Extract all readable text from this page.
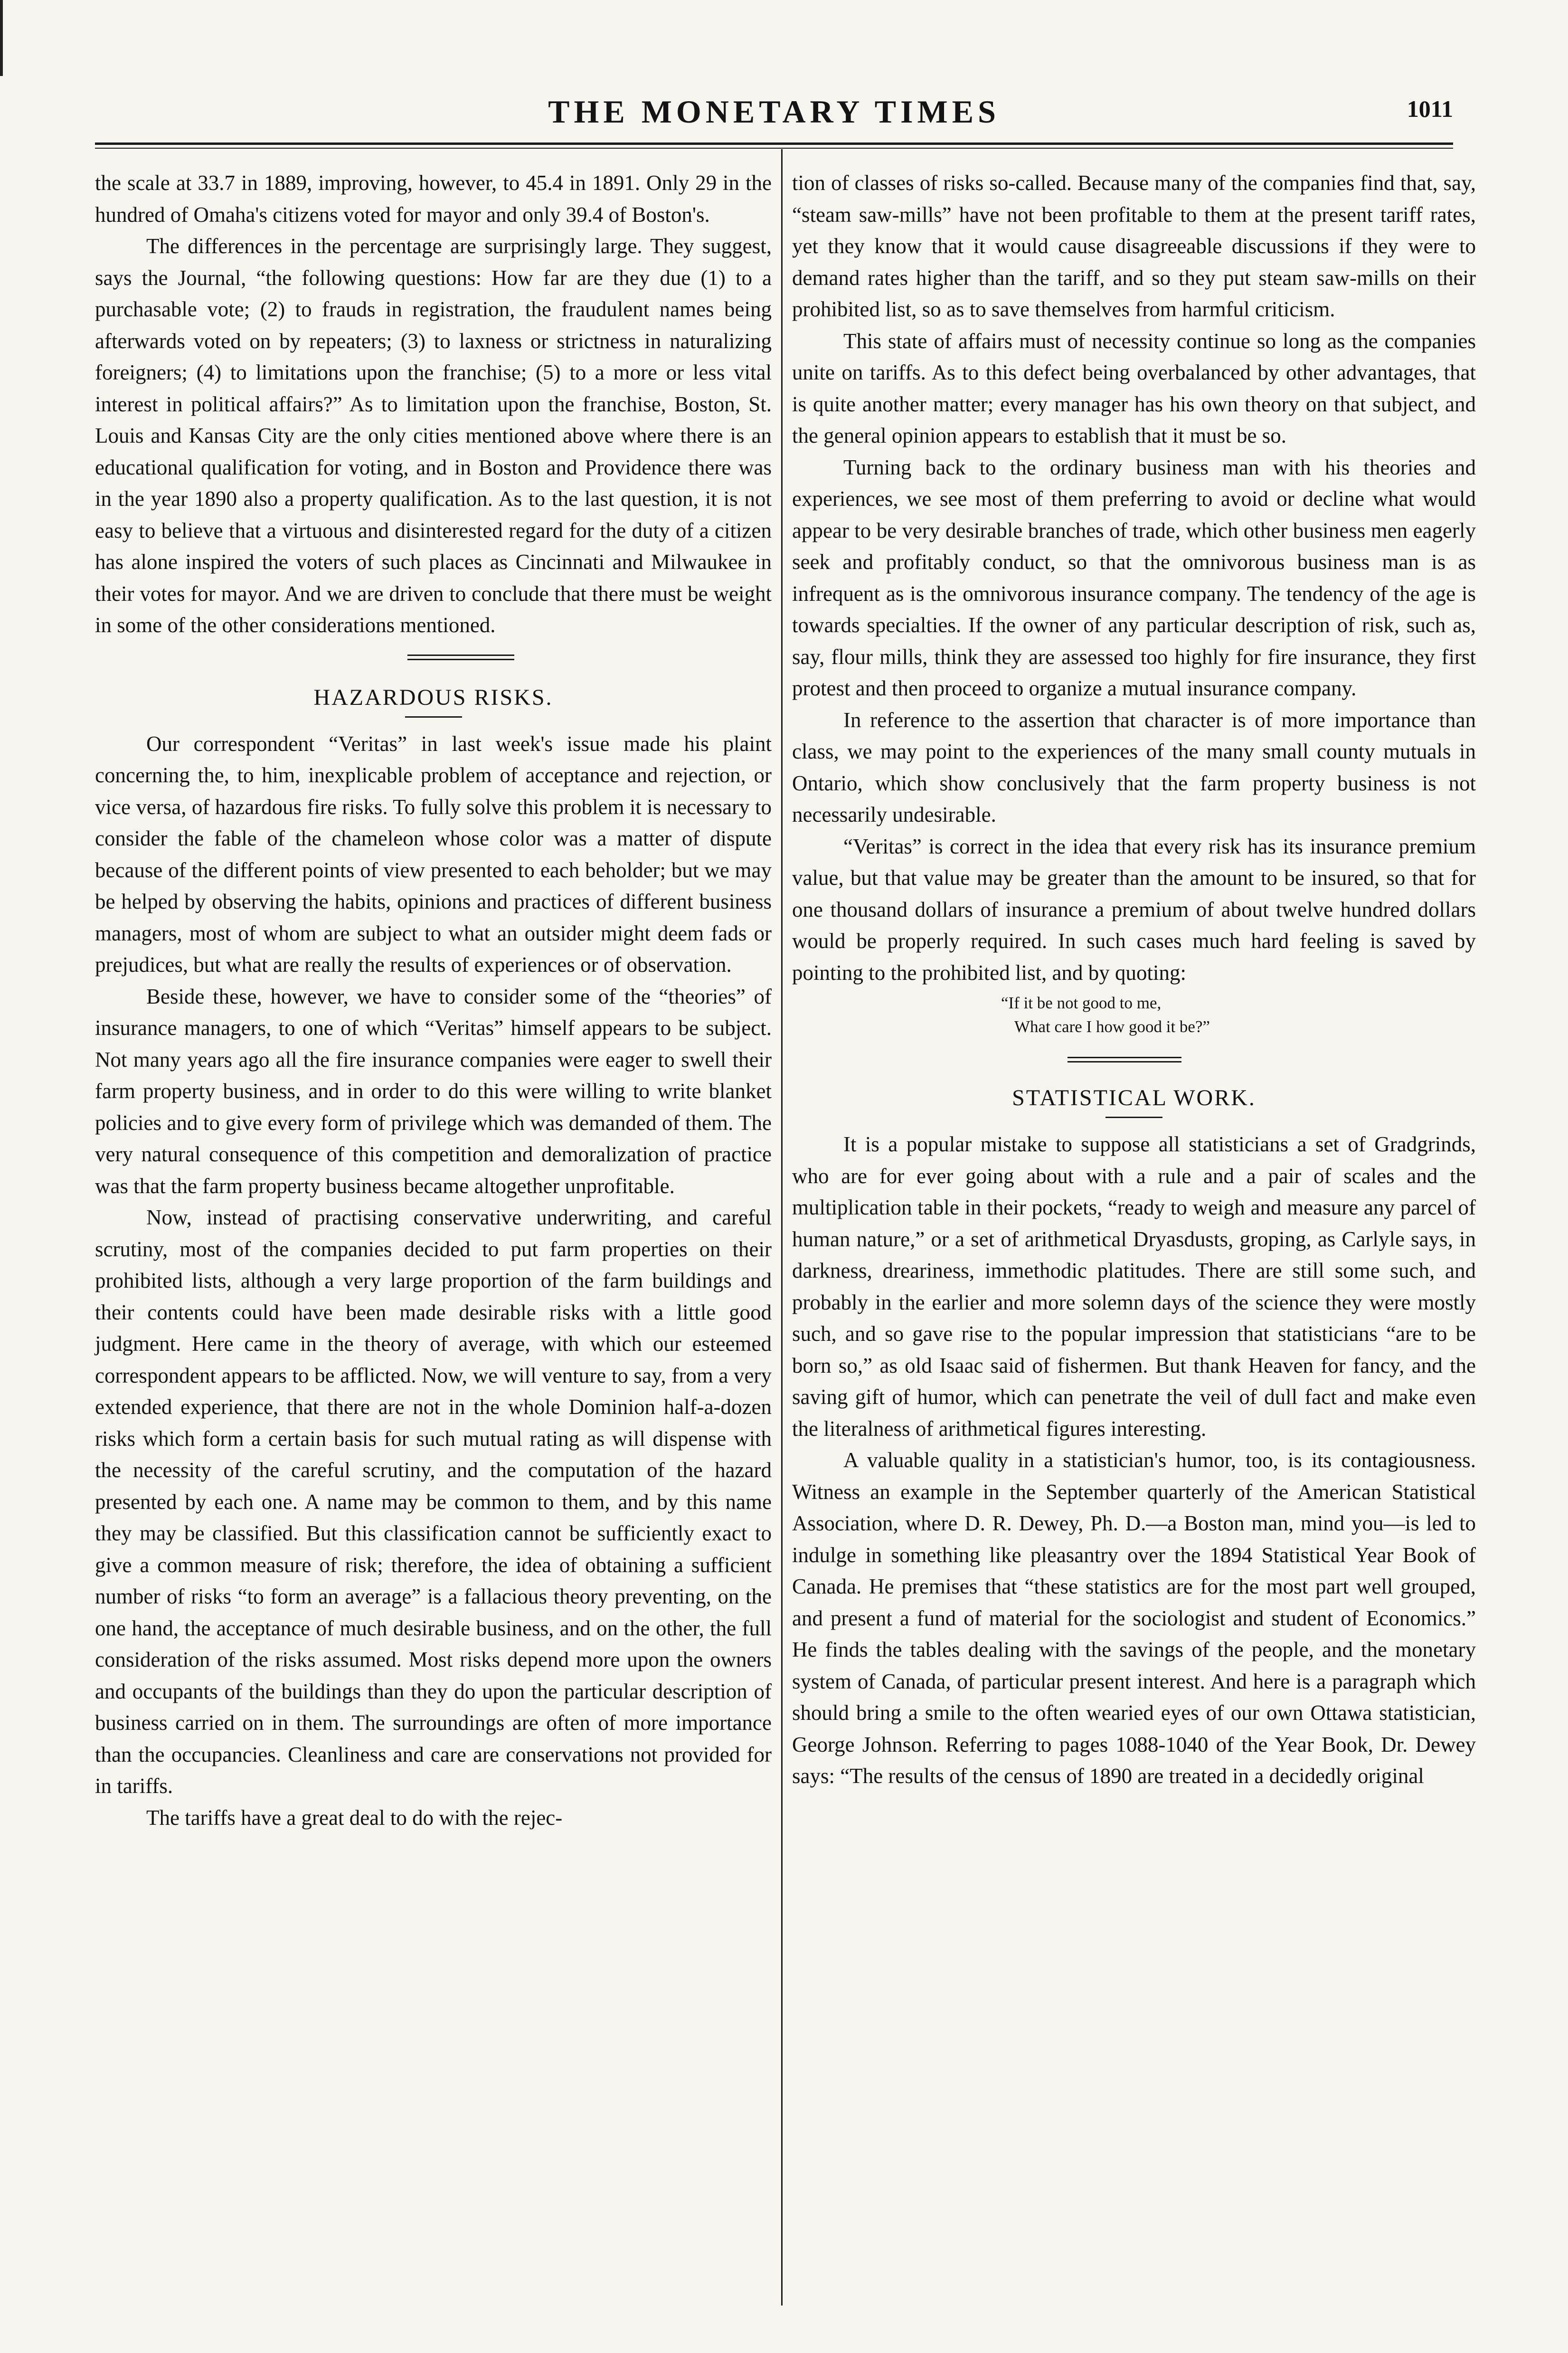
THE MONETARY TIMES	1011

the scale at 33.7 in 1889, improving, however, to 45.4 in 1891. Only 29 in the hundred of Omaha's citizens voted for mayor and only 39.4 of Boston's.

The differences in the percentage are surprisingly large. They suggest, says the Journal, “the following questions: How far are they due (1) to a purchasable vote; (2) to frauds in registration, the fraudulent names being afterwards voted on by repeaters; (3) to laxness or strictness in naturalizing foreigners; (4) to limitations upon the franchise; (5) to a more or less vital interest in political affairs?” As to limitation upon the franchise, Boston, St. Louis and Kansas City are the only cities mentioned above where there is an educational qualification for voting, and in Boston and Providence there was in the year 1890 also a property qualification. As to the last question, it is not easy to believe that a virtuous and disinterested regard for the duty of a citizen has alone inspired the voters of such places as Cincinnati and Milwaukee in their votes for mayor. And we are driven to conclude that there must be weight in some of the other considerations mentioned.

HAZARDOUS RISKS.

Our correspondent “Veritas” in last week's issue made his plaint concerning the, to him, inexplicable problem of acceptance and rejection, or vice versa, of hazardous fire risks. To fully solve this problem it is necessary to consider the fable of the chameleon whose color was a matter of dispute because of the different points of view presented to each beholder; but we may be helped by observing the habits, opinions and practices of different business managers, most of whom are subject to what an outsider might deem fads or prejudices, but what are really the results of experiences or of observation.

Beside these, however, we have to consider some of the “theories” of insurance managers, to one of which “Veritas” himself appears to be subject. Not many years ago all the fire insurance companies were eager to swell their farm property business, and in order to do this were willing to write blanket policies and to give every form of privilege which was demanded of them. The very natural consequence of this competition and demoralization of practice was that the farm property business became altogether unprofitable.

Now, instead of practising conservative underwriting, and careful scrutiny, most of the companies decided to put farm properties on their prohibited lists, although a very large proportion of the farm buildings and their contents could have been made desirable risks with a little good judgment. Here came in the theory of average, with which our esteemed correspondent appears to be afflicted. Now, we will venture to say, from a very extended experience, that there are not in the whole Dominion half-a-dozen risks which form a certain basis for such mutual rating as will dispense with the necessity of the careful scrutiny, and the computation of the hazard presented by each one. A name may be common to them, and by this name they may be classified. But this classification cannot be sufficiently exact to give a common measure of risk; therefore, the idea of obtaining a sufficient number of risks “to form an average” is a fallacious theory preventing, on the one hand, the acceptance of much desirable business, and on the other, the full consideration of the risks assumed. Most risks depend more upon the owners and occupants of the buildings than they do upon the particular description of business carried on in them. The surroundings are often of more importance than the occupancies. Cleanliness and care are conservations not provided for in tariffs.

The tariffs have a great deal to do with the rejec-

tion of classes of risks so-called. Because many of the companies find that, say, “steam saw-mills” have not been profitable to them at the present tariff rates, yet they know that it would cause disagreeable discussions if they were to demand rates higher than the tariff, and so they put steam saw-mills on their prohibited list, so as to save themselves from harmful criticism.

This state of affairs must of necessity continue so long as the companies unite on tariffs. As to this defect being overbalanced by other advantages, that is quite another matter; every manager has his own theory on that subject, and the general opinion appears to establish that it must be so.

Turning back to the ordinary business man with his theories and experiences, we see most of them preferring to avoid or decline what would appear to be very desirable branches of trade, which other business men eagerly seek and profitably conduct, so that the omnivorous business man is as infrequent as is the omnivorous insurance company. The tendency of the age is towards specialties. If the owner of any particular description of risk, such as, say, flour mills, think they are assessed too highly for fire insurance, they first protest and then proceed to organize a mutual insurance company.

In reference to the assertion that character is of more importance than class, we may point to the experiences of the many small county mutuals in Ontario, which show conclusively that the farm property business is not necessarily undesirable.

“Veritas” is correct in the idea that every risk has its insurance premium value, but that value may be greater than the amount to be insured, so that for one thousand dollars of insurance a premium of about twelve hundred dollars would be properly required. In such cases much hard feeling is saved by pointing to the prohibited list, and by quoting:

“If it be not good to me,
What care I how good it be?”
STATISTICAL WORK.

It is a popular mistake to suppose all statisticians a set of Gradgrinds, who are for ever going about with a rule and a pair of scales and the multiplication table in their pockets, “ready to weigh and measure any parcel of human nature,” or a set of arithmetical Dryasdusts, groping, as Carlyle says, in darkness, dreariness, immethodic platitudes. There are still some such, and probably in the earlier and more solemn days of the science they were mostly such, and so gave rise to the popular impression that statisticians “are to be born so,” as old Isaac said of fishermen. But thank Heaven for fancy, and the saving gift of humor, which can penetrate the veil of dull fact and make even the literalness of arithmetical figures interesting.

A valuable quality in a statistician's humor, too, is its contagiousness. Witness an example in the September quarterly of the American Statistical Association, where D. R. Dewey, Ph. D.—a Boston man, mind you—is led to indulge in something like pleasantry over the 1894 Statistical Year Book of Canada. He premises that “these statistics are for the most part well grouped, and present a fund of material for the sociologist and student of Economics.” He finds the tables dealing with the savings of the people, and the monetary system of Canada, of particular present interest. And here is a paragraph which should bring a smile to the often wearied eyes of our own Ottawa statistician, George Johnson. Referring to pages 1088-1040 of the Year Book, Dr. Dewey says: “The results of the census of 1890 are treated in a decidedly original
